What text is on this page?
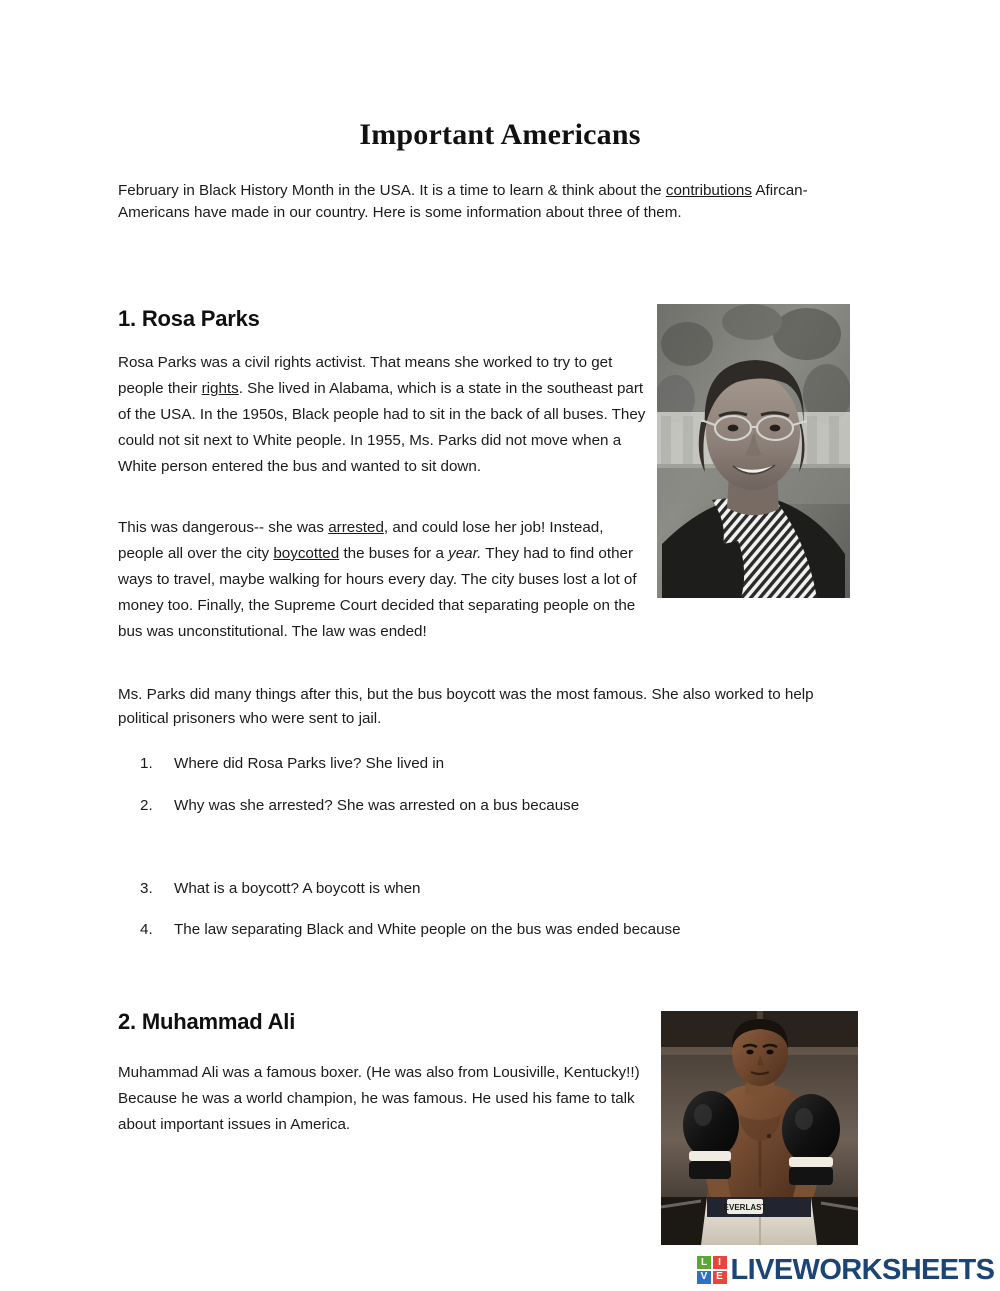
Important Americans
February in Black History Month in the USA. It is a time to learn & think about the contributions Afircan-Americans have made in our country. Here is some information about three of them.
1. Rosa Parks
Rosa Parks was a civil rights activist. That means she worked to try to get people their rights. She lived in Alabama, which is a state in the southeast part of the USA. In the 1950s, Black people had to sit in the back of all buses. They could not sit next to White people. In 1955, Ms. Parks did not move when a White person entered the bus and wanted to sit down.
This was dangerous-- she was arrested, and could lose her job! Instead, people all over the city boycotted the buses for a year. They had to find other ways to travel, maybe walking for hours every day. The city buses lost a lot of money too. Finally, the Supreme Court decided that separating people on the bus was unconstitutional. The law was ended!
Ms. Parks did many things after this, but the bus boycott was the most famous. She also worked to help political prisoners who were sent to jail.
1. Where did Rosa Parks live? She lived in
2. Why was she arrested? She was arrested on a bus because
3. What is a boycott? A boycott is when
4. The law separating Black and White people on the bus was ended because
2. Muhammad Ali
Muhammad Ali was a famous boxer. (He was also from Lousiville, Kentucky!!) Because he was a world champion, he was famous. He used his fame to talk about important issues in America.
EVERLAST
L	I
V E LIVEWORKSHEETS
